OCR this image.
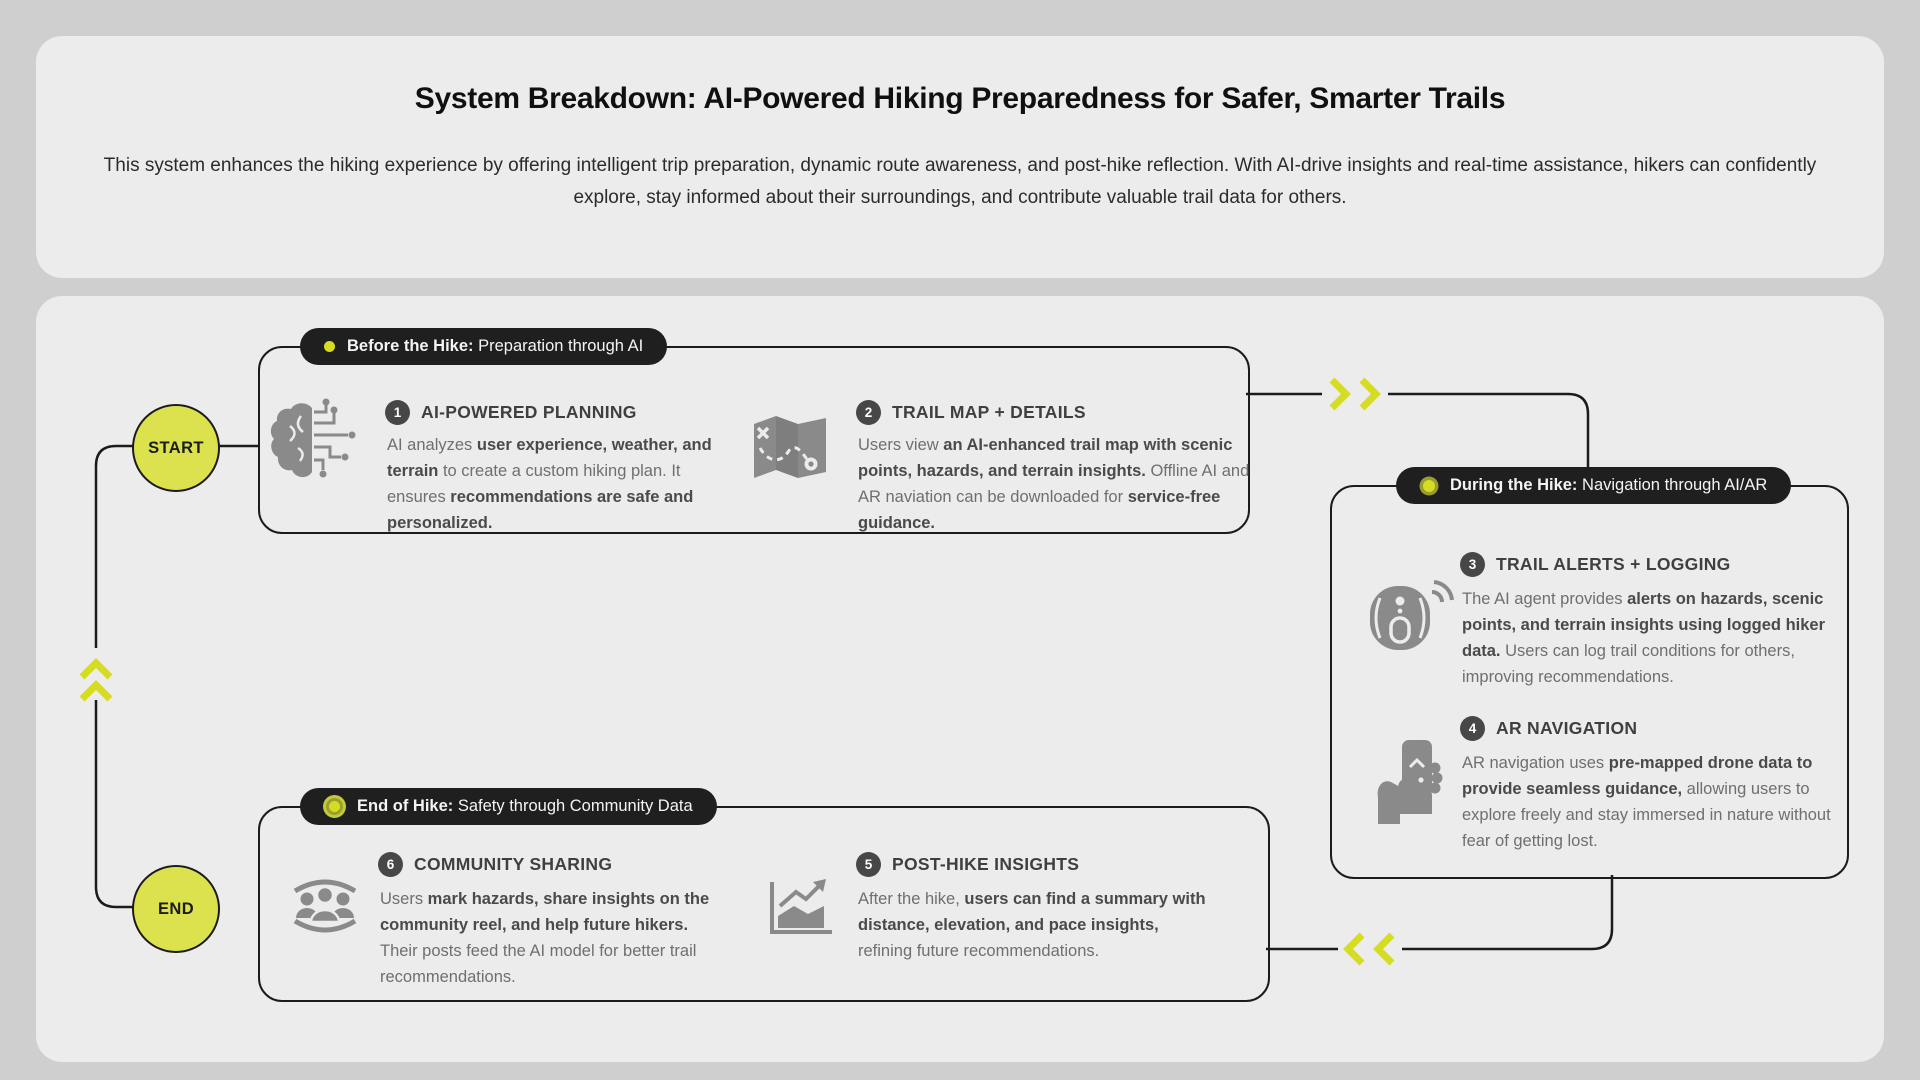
System Breakdown: AI-Powered Hiking Preparedness for Safer, Smarter Trails
This system enhances the hiking experience by offering intelligent trip preparation, dynamic route awareness, and post-hike reflection. With AI-drive insights and real-time assistance, hikers can confidently explore, stay informed about their surroundings, and contribute valuable trail data for others.
Before the Hike: Preparation through AI
During the Hike: Navigation through AI/AR
End of Hike: Safety through Community Data
START
END
1	AI-POWERED PLANNING
AI analyzes user experience, weather, and terrain to create a custom hiking plan. It ensures recommendations are safe and personalized.
2	TRAIL MAP + DETAILS
Users view an AI-enhanced trail map with scenic points, hazards, and terrain insights. Offline AI and AR naviation can be downloaded for service-free guidance.
3	TRAIL ALERTS + LOGGING
The AI agent provides alerts on hazards, scenic points, and terrain insights using logged hiker data. Users can log trail conditions for others, improving recommendations.
4	AR NAVIGATION
AR navigation uses pre-mapped drone data to provide seamless guidance, allowing users to explore freely and stay immersed in nature without fear of getting lost.
6	COMMUNITY SHARING
Users mark hazards, share insights on the community reel, and help future hikers. Their posts feed the AI model for better trail recommendations.
5	POST-HIKE INSIGHTS
After the hike, users can find a summary with distance, elevation, and pace insights, refining future recommendations.
